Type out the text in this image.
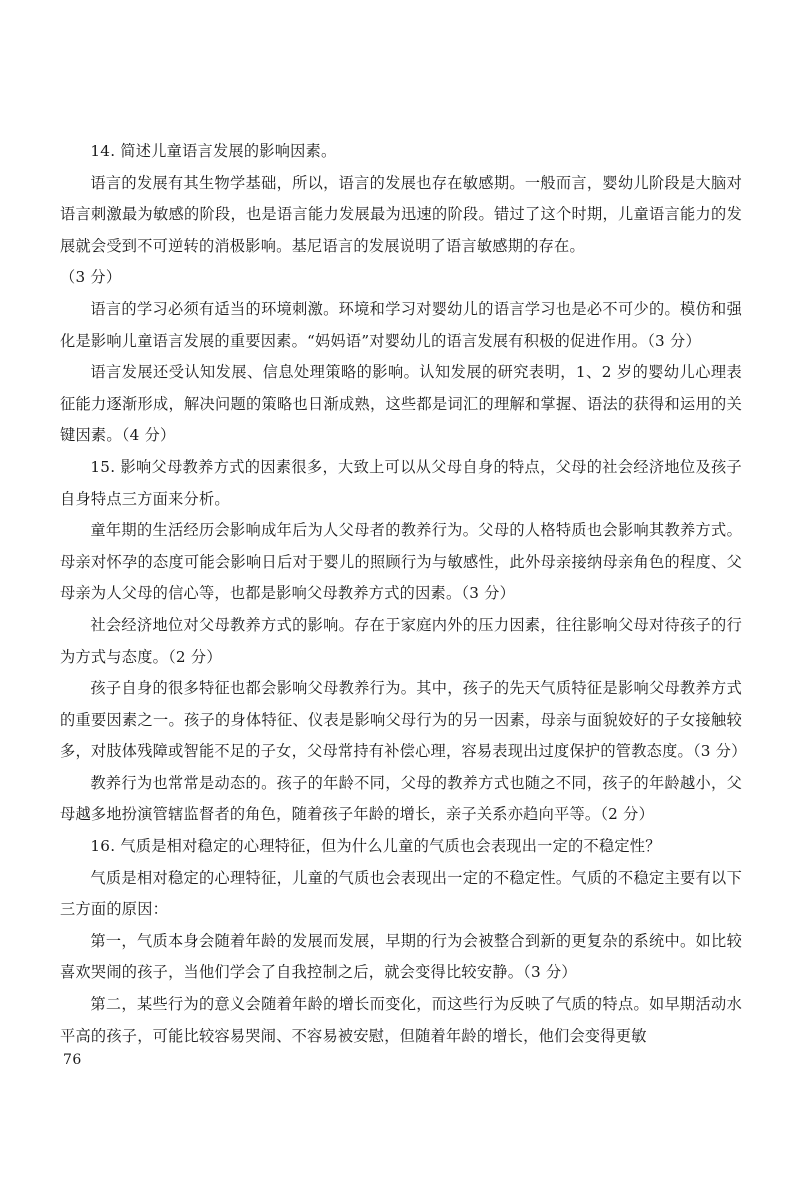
14. 简述儿童语言发展的影响因素。

语言的发展有其生物学基础，所以，语言的发展也存在敏感期。一般而言，婴幼儿阶段是大脑对语言刺激最为敏感的阶段，也是语言能力发展最为迅速的阶段。错过了这个时期，儿童语言能力的发展就会受到不可逆转的消极影响。基尼语言的发展说明了语言敏感期的存在。

（3 分）

语言的学习必须有适当的环境刺激。环境和学习对婴幼儿的语言学习也是必不可少的。模仿和强化是影响儿童语言发展的重要因素。“妈妈语”对婴幼儿的语言发展有积极的促进作用。（3 分）

语言发展还受认知发展、信息处理策略的影响。认知发展的研究表明，1、2 岁的婴幼儿心理表征能力逐渐形成，解决问题的策略也日渐成熟，这些都是词汇的理解和掌握、语法的获得和运用的关键因素。（4 分）

15. 影响父母教养方式的因素很多，大致上可以从父母自身的特点，父母的社会经济地位及孩子自身特点三方面来分析。

童年期的生活经历会影响成年后为人父母者的教养行为。父母的人格特质也会影响其教养方式。母亲对怀孕的态度可能会影响日后对于婴儿的照顾行为与敏感性，此外母亲接纳母亲角色的程度、父母亲为人父母的信心等，也都是影响父母教养方式的因素。（3 分）

社会经济地位对父母教养方式的影响。存在于家庭内外的压力因素，往往影响父母对待孩子的行为方式与态度。（2 分）

孩子自身的很多特征也都会影响父母教养行为。其中，孩子的先天气质特征是影响父母教养方式的重要因素之一。孩子的身体特征、仪表是影响父母行为的另一因素，母亲与面貌姣好的子女接触较多，对肢体残障或智能不足的子女，父母常持有补偿心理，容易表现出过度保护的管教态度。（3 分）

教养行为也常常是动态的。孩子的年龄不同，父母的教养方式也随之不同，孩子的年龄越小，父母越多地扮演管辖监督者的角色，随着孩子年龄的增长，亲子关系亦趋向平等。（2 分）

16. 气质是相对稳定的心理特征，但为什么儿童的气质也会表现出一定的不稳定性？

气质是相对稳定的心理特征，儿童的气质也会表现出一定的不稳定性。气质的不稳定主要有以下三方面的原因：

第一，气质本身会随着年龄的发展而发展，早期的行为会被整合到新的更复杂的系统中。如比较喜欢哭闹的孩子，当他们学会了自我控制之后，就会变得比较安静。（3 分）

第二，某些行为的意义会随着年龄的增长而变化，而这些行为反映了气质的特点。如早期活动水平高的孩子，可能比较容易哭闹、不容易被安慰，但随着年龄的增长，他们会变得更敏

76
